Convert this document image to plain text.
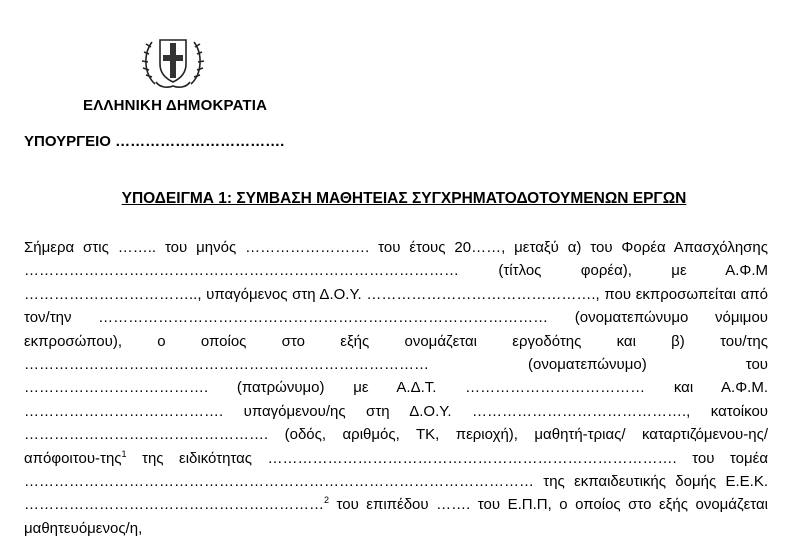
ΕΛΛΗΝΙΚΗ ΔΗΜΟΚΡΑΤΙΑ
ΥΠΟΥΡΓΕΙΟ …………………………….
ΥΠΟΔΕΙΓΜΑ 1: ΣΥΜΒΑΣΗ ΜΑΘΗΤΕΙΑΣ ΣΥΓΧΡΗΜΑΤΟΔΟΤΟΥΜΕΝΩΝ ΕΡΓΩΝ
Σήμερα στις …….. του μηνός ……………………. του έτους 20……, μεταξύ α) του Φορέα Απασχόλησης
…………………………………………………………………………… (τίτλος φορέα), με Α.Φ.Μ
…………………………….., υπαγόμενος στη Δ.Ο.Υ. ………………………………………., που εκπροσωπείται από
τον/την ……………………………………………………………………………… (ονοματεπώνυμο νόμιμου
εκπροσώπου), ο οποίος στο εξής ονομάζεται εργοδότης και β) του/της
……………………………………………………………………… (ονοματεπώνυμο) του
………………………………. (πατρώνυμο) με Α.Δ.Τ. ……………………………… και Α.Φ.Μ.
…………………………………. υπαγόμενου/ης στη Δ.Ο.Υ. ……………………………………., κατοίκου
…………………………………………. (οδός, αριθμός, ΤΚ, περιοχή), μαθητή-τριας/ καταρτιζόμενου-ης/
απόφοιτου-της$^1$ της ειδικότητας ………………………………………………………………………. του τομέα
………………………………………………………………………………………… της εκπαιδευτικής δομής Ε.Ε.Κ.
……………………………………………………$^2$ του επιπέδου ……. του Ε.Π.Π, ο οποίος στο εξής ονομάζεται
μαθητευόμενος/η,
